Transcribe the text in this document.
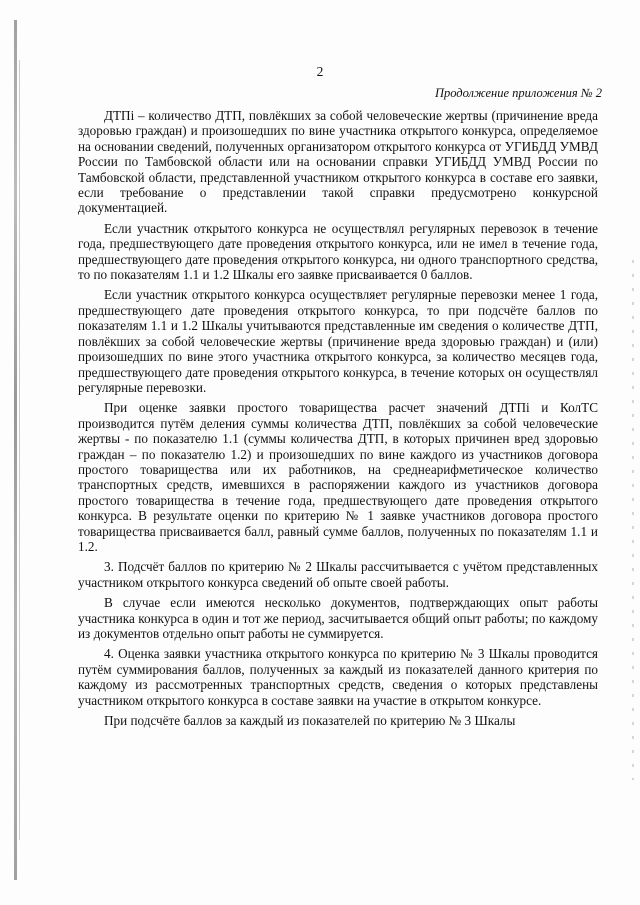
2
Продолжение приложения № 2

ДТПi – количество ДТП, повлёкших за собой человеческие жертвы (причинение вреда здоровью граждан) и произошедших по вине участника открытого конкурса, определяемое на основании сведений, полученных организатором открытого конкурса от УГИБДД УМВД России по Тамбовской области или на основании справки УГИБДД УМВД России по Тамбовской области, представленной участником открытого конкурса в составе его заявки, если требование о представлении такой справки предусмотрено конкурсной документацией.

Если участник открытого конкурса не осуществлял регулярных перевозок в течение года, предшествующего дате проведения открытого конкурса, или не имел в течение года, предшествующего дате проведения открытого конкурса, ни одного транспортного средства, то по показателям 1.1 и 1.2 Шкалы его заявке присваивается 0 баллов.

Если участник открытого конкурса осуществляет регулярные перевозки менее 1 года, предшествующего дате проведения открытого конкурса, то при подсчёте баллов по показателям 1.1 и 1.2 Шкалы учитываются представленные им сведения о количестве ДТП, повлёкших за собой человеческие жертвы (причинение вреда здоровью граждан) и (или) произошедших по вине этого участника открытого конкурса, за количество месяцев года, предшествующего дате проведения открытого конкурса, в течение которых он осуществлял регулярные перевозки.

При оценке заявки простого товарищества расчет значений ДТПi и КолТС производится путём деления суммы количества ДТП, повлёкших за собой человеческие жертвы - по показателю 1.1 (суммы количества ДТП, в которых причинен вред здоровью граждан – по показателю 1.2) и произошедших по вине каждого из участников договора простого товарищества или их работников, на среднеарифметическое количество транспортных средств, имевшихся в распоряжении каждого из участников договора простого товарищества в течение года, предшествующего дате проведения открытого конкурса. В результате оценки по критерию № 1 заявке участников договора простого товарищества присваивается балл, равный сумме баллов, полученных по показателям 1.1 и 1.2.

3. Подсчёт баллов по критерию № 2 Шкалы рассчитывается с учётом представленных участником открытого конкурса сведений об опыте своей работы.

В случае если имеются несколько документов, подтверждающих опыт работы участника конкурса в один и тот же период, засчитывается общий опыт работы; по каждому из документов отдельно опыт работы не суммируется.

4. Оценка заявки участника открытого конкурса по критерию № 3 Шкалы проводится путём суммирования баллов, полученных за каждый из показателей данного критерия по каждому из рассмотренных транспортных средств, сведения о которых представлены участником открытого конкурса в составе заявки на участие в открытом конкурсе.

При подсчёте баллов за каждый из показателей по критерию № 3 Шкалы
